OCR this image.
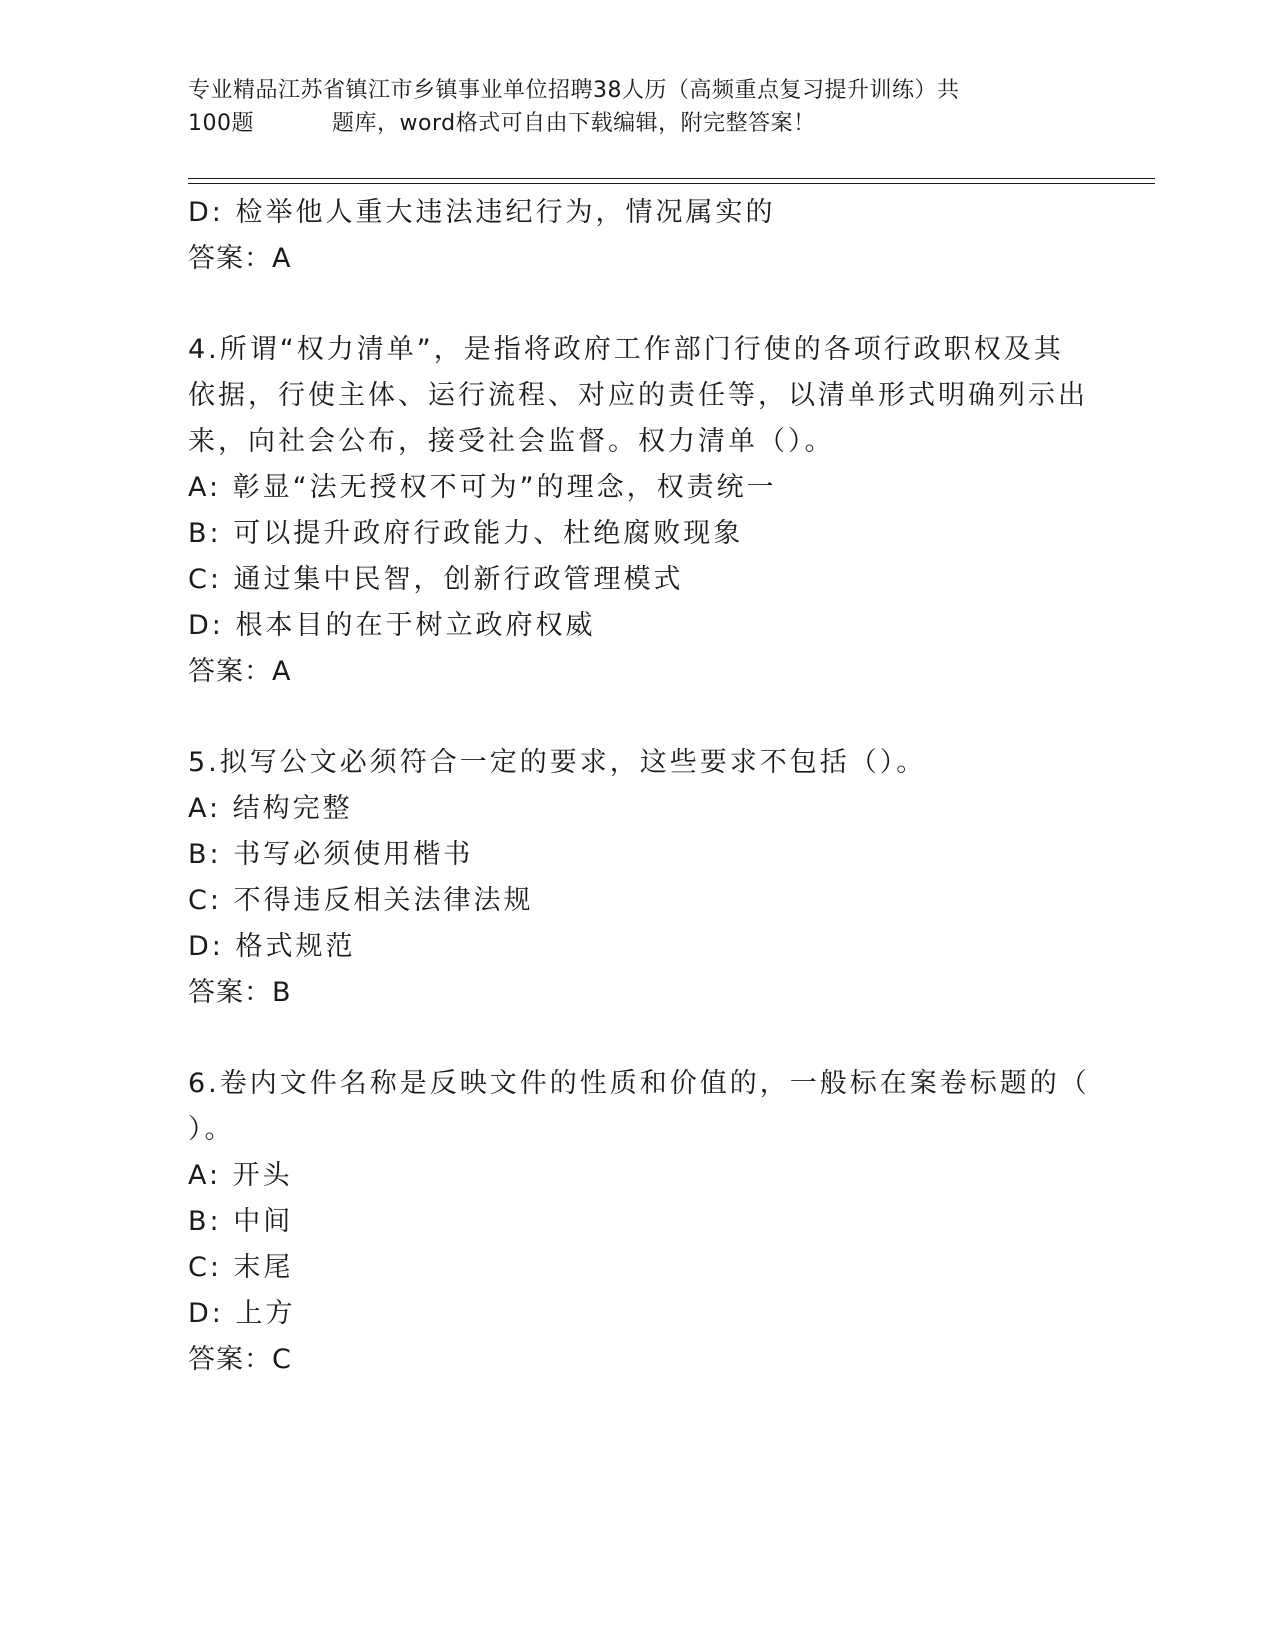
专业精品江苏省镇江市乡镇事业单位招聘38人历（高频重点复习提升训练）共
100题	题库，word格式可自由下载编辑，附完整答案！
D: 检举他人重大违法违纪行为，情况属实的
答案：A
4.所谓“权力清单”，是指将政府工作部门行使的各项行政职权及其
依据，行使主体、运行流程、对应的责任等，以清单形式明确列示出
来，向社会公布，接受社会监督。权力清单（）。
A: 彰显“法无授权不可为”的理念，权责统一
B: 可以提升政府行政能力、杜绝腐败现象
C: 通过集中民智，创新行政管理模式
D: 根本目的在于树立政府权威
答案：A
5.拟写公文必须符合一定的要求，这些要求不包括（）。
A: 结构完整
B: 书写必须使用楷书
C: 不得违反相关法律法规
D: 格式规范
答案：B
6.卷内文件名称是反映文件的性质和价值的，一般标在案卷标题的（
）。
A: 开头
B: 中间
C: 末尾
D: 上方
答案：C
